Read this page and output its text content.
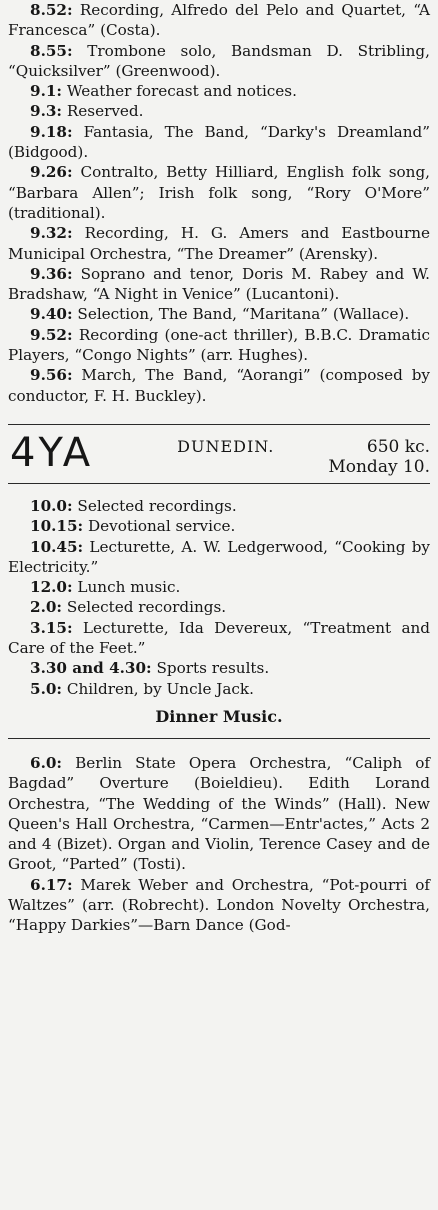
8.52: Recording, Alfredo del Pelo and Quartet, “A Francesca” (Costa).

8.55: Trombone solo, Bandsman D. Stribling, “Quicksilver” (Greenwood).

9.1: Weather forecast and notices.

9.3: Reserved.

9.18: Fantasia, The Band, “Darky's Dreamland” (Bidgood).

9.26: Contralto, Betty Hilliard, English folk song, “Barbara Allen”; Irish folk song, “Rory O'More” (traditional).

9.32: Recording, H. G. Amers and Eastbourne Municipal Orchestra, “The Dreamer” (Arensky).

9.36: Soprano and tenor, Doris M. Rabey and W. Bradshaw, “A Night in Venice” (Lucantoni).

9.40: Selection, The Band, “Maritana” (Wallace).

9.52: Recording (one-act thriller), B.B.C. Dramatic Players, “Congo Nights” (arr. Hughes).

9.56: March, The Band, “Aorangi” (composed by conductor, F. H. Buckley).

4YA	DUNEDIN.	650 kc.
Monday 10.

10.0: Selected recordings.

10.15: Devotional service.

10.45: Lecturette, A. W. Ledgerwood, “Cooking by Electricity.”

12.0: Lunch music.

2.0: Selected recordings.

3.15: Lecturette, Ida Devereux, “Treatment and Care of the Feet.”

3.30 and 4.30: Sports results.

5.0: Children, by Uncle Jack.

Dinner Music.

6.0: Berlin State Opera Orchestra, “Caliph of Bagdad” Overture (Boieldieu). Edith Lorand Orchestra, “The Wedding of the Winds” (Hall). New Queen's Hall Orchestra, “Carmen—Entr'actes,” Acts 2 and 4 (Bizet). Organ and Violin, Terence Casey and de Groot, “Parted” (Tosti).

6.17: Marek Weber and Orchestra, “Pot-pourri of Waltzes” (arr. (Robrecht). London Novelty Orchestra, “Happy Darkies”—Barn Dance (God-
